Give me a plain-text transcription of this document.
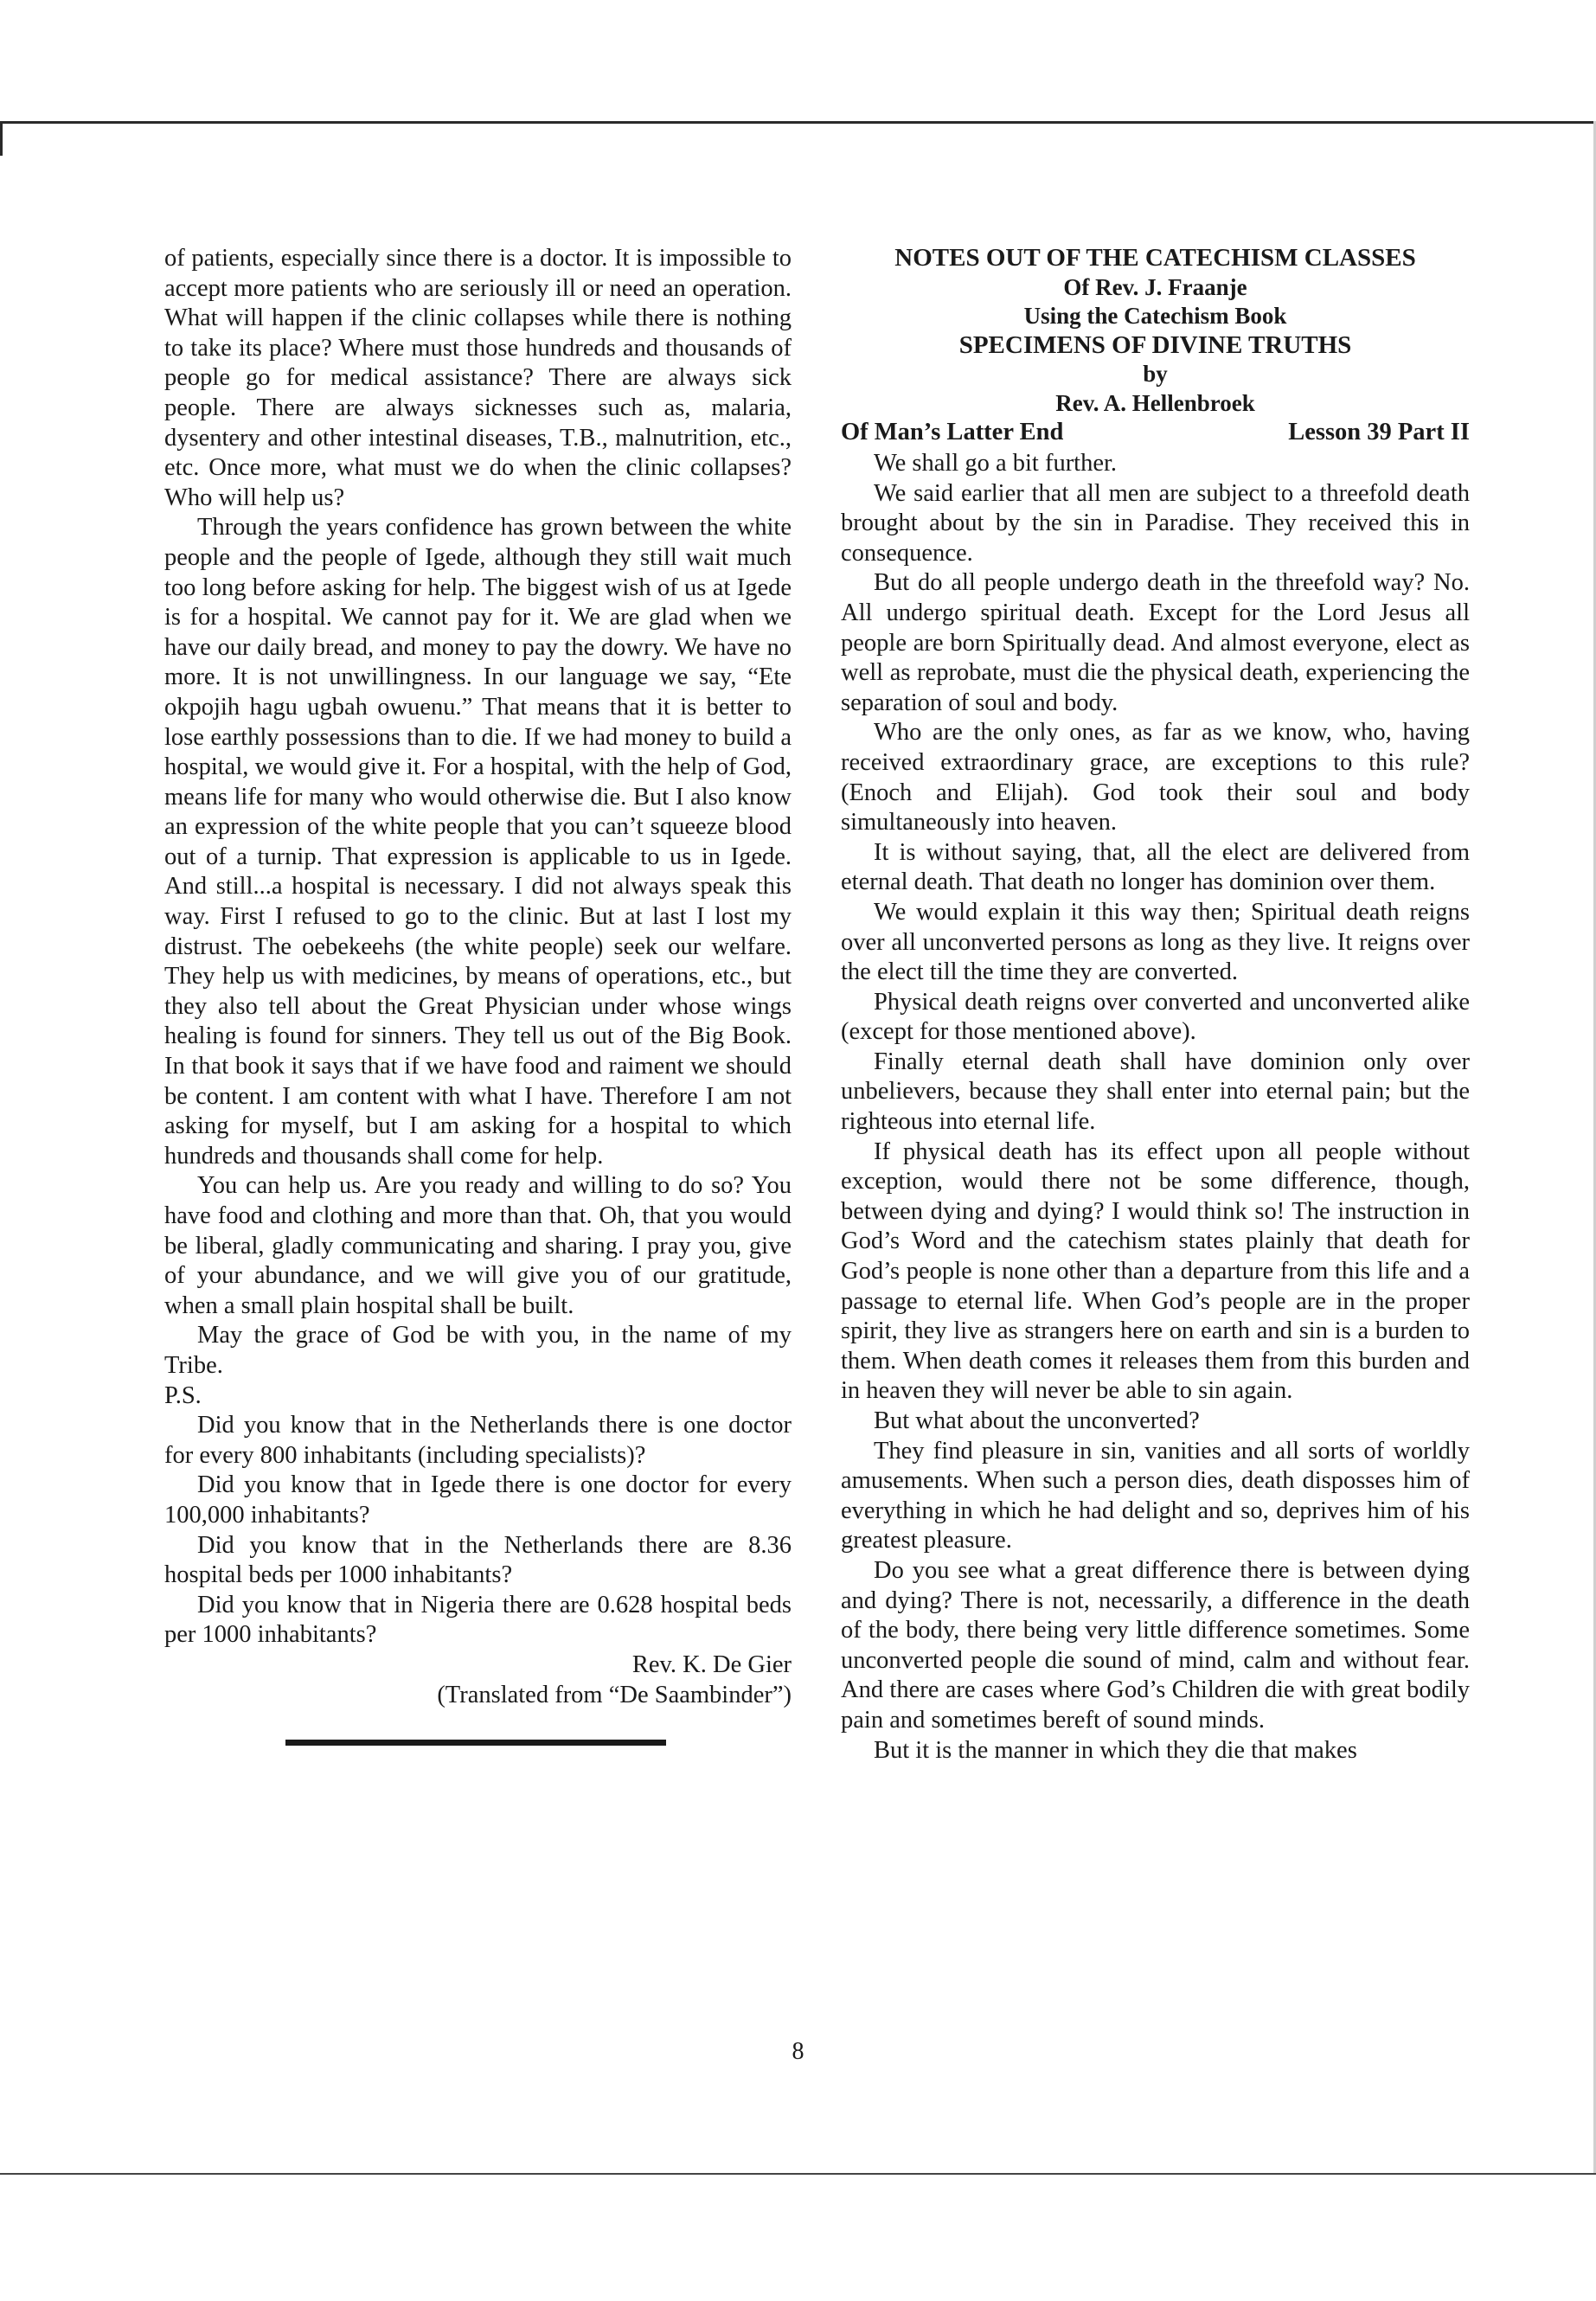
of patients, especially since there is a doctor. It is impossible to accept more patients who are seriously ill or need an operation. What will happen if the clinic collapses while there is nothing to take its place? Where must those hundreds and thousands of people go for medical assistance? There are always sick people. There are always sicknesses such as, malaria, dysentery and other intestinal diseases, T.B., malnutrition, etc., etc. Once more, what must we do when the clinic collapses? Who will help us?

Through the years confidence has grown between the white people and the people of Igede, although they still wait much too long before asking for help. The biggest wish of us at Igede is for a hospital. We cannot pay for it. We are glad when we have our daily bread, and money to pay the dowry. We have no more. It is not unwillingness. In our language we say, “Ete okpojih hagu ugbah owuenu.” That means that it is better to lose earthly possessions than to die. If we had money to build a hospital, we would give it. For a hospital, with the help of God, means life for many who would otherwise die. But I also know an expression of the white people that you can’t squeeze blood out of a turnip. That expression is applicable to us in Igede. And still...a hospital is necessary. I did not always speak this way. First I refused to go to the clinic. But at last I lost my distrust. The oebekeehs (the white people) seek our welfare. They help us with medicines, by means of operations, etc., but they also tell about the Great Physician under whose wings healing is found for sinners. They tell us out of the Big Book. In that book it says that if we have food and raiment we should be content. I am content with what I have. Therefore I am not asking for myself, but I am asking for a hospital to which hundreds and thousands shall come for help.

You can help us. Are you ready and willing to do so? You have food and clothing and more than that. Oh, that you would be liberal, gladly communicating and sharing. I pray you, give of your abundance, and we will give you of our gratitude, when a small plain hospital shall be built.

May the grace of God be with you, in the name of my Tribe.

P.S.

Did you know that in the Netherlands there is one doctor for every 800 inhabitants (including specialists)?

Did you know that in Igede there is one doctor for every 100,000 inhabitants?

Did you know that in the Netherlands there are 8.36 hospital beds per 1000 inhabitants?

Did you know that in Nigeria there are 0.628 hospital beds per 1000 inhabitants?

Rev. K. De Gier

(Translated from “De Saambinder”)

NOTES OUT OF THE CATECHISM CLASSES
Of Rev. J. Fraanje
Using the Catechism Book
SPECIMENS OF DIVINE TRUTHS
by
Rev. A. Hellenbroek
Of Man’s Latter End	Lesson 39 Part II

We shall go a bit further.

We said earlier that all men are subject to a threefold death brought about by the sin in Paradise. They received this in consequence.

But do all people undergo death in the threefold way? No. All undergo spiritual death. Except for the Lord Jesus all people are born Spiritually dead. And almost everyone, elect as well as reprobate, must die the physical death, experiencing the separation of soul and body.

Who are the only ones, as far as we know, who, having received extraordinary grace, are exceptions to this rule? (Enoch and Elijah). God took their soul and body simultaneously into heaven.

It is without saying, that, all the elect are delivered from eternal death. That death no longer has dominion over them.

We would explain it this way then; Spiritual death reigns over all unconverted persons as long as they live. It reigns over the elect till the time they are converted.

Physical death reigns over converted and unconverted alike (except for those mentioned above).

Finally eternal death shall have dominion only over unbelievers, because they shall enter into eternal pain; but the righteous into eternal life.

If physical death has its effect upon all people without exception, would there not be some difference, though, between dying and dying? I would think so! The instruction in God’s Word and the catechism states plainly that death for God’s people is none other than a departure from this life and a passage to eternal life. When God’s people are in the proper spirit, they live as strangers here on earth and sin is a burden to them. When death comes it releases them from this burden and in heaven they will never be able to sin again.

But what about the unconverted?

They find pleasure in sin, vanities and all sorts of worldly amusements. When such a person dies, death disposses him of everything in which he had delight and so, deprives him of his greatest pleasure.

Do you see what a great difference there is between dying and dying? There is not, necessarily, a difference in the death of the body, there being very little difference sometimes. Some unconverted people die sound of mind, calm and without fear. And there are cases where God’s Children die with great bodily pain and sometimes bereft of sound minds.

But it is the manner in which they die that makes

8
